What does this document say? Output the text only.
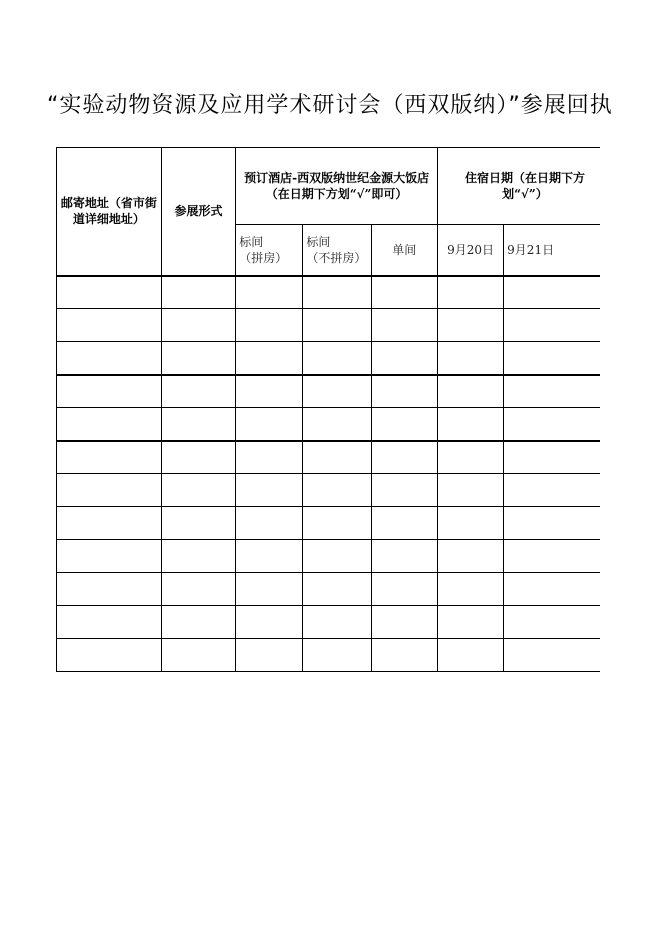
“实验动物资源及应用学术研讨会（西双版纳）”参展回执
邮寄地址（省市街道详细地址）	参展形式	预订酒店-西双版纳世纪金源大饭店（在日期下方划“√”即可）			住宿日期（在日期下方划“√”）	
		标间　　（拼房）	标间　　（不拼房）	单间	9月20日	9月21日
